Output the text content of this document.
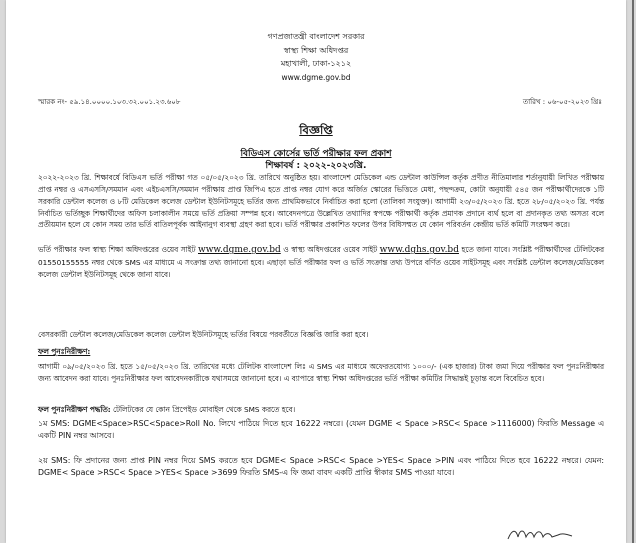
গণপ্রজাতন্ত্রী বাংলাদেশ সরকার
স্বাস্থ্য শিক্ষা অধিদপ্তর
মহাখালী, ঢাকা-১২১২
www.dgme.gov.bd
স্মারক নং- ৫৯.১৪.০০০০.১০৩.৩২.০০১.২৩.৬০৮	তারিখ : ০৬-০৫-২০২৩ খ্রিঃ
বিজ্ঞপ্তি
বিডিএস কোর্সের ভর্তি পরীক্ষার ফল প্রকাশ
শিক্ষাবর্ষ : ২০২২-২০২৩খ্রি.

২০২২-২০২৩ খ্রি. শিক্ষাবর্ষে বিডিএস ভর্তি পরীক্ষা গত ০৫/০৫/২০২৩ খ্রি. তারিখে অনুষ্ঠিত হয়। বাংলাদেশ মেডিকেল এন্ড ডেন্টাল কাউন্সিল কর্তৃক প্রণীত নীতিমালার শর্তানুযায়ী লিখিত পরীক্ষায় প্রাপ্ত নম্বর ও এসএসসি/সমমান এবং এইচএসসি/সমমান পরীক্ষায় প্রাপ্ত জিপিএ হতে প্রাপ্ত নম্বর যোগ করে অর্জিত স্কোরের ভিত্তিতে মেধা, পছন্দক্রম, কোটা অনুযায়ী ৫৪৫ জন পরীক্ষার্থীদেরকে ১টি সরকারি ডেন্টাল কলেজ ও ৮টি মেডিকেল কলেজ ডেন্টাল ইউনিটসমূহে ভর্তির জন্য প্রাথমিকভাবে নির্বাচিত করা হলো (তালিকা সংযুক্ত)। আগামী ২৩/০৫/২০২৩ খ্রি. হতে ২৮/০৫/২০২৩ খ্রি. পর্যন্ত নির্বাচিত ভর্তিচ্ছুক শিক্ষার্থীদের অফিস চলাকালীন সময়ে ভর্তি প্রক্রিয়া সম্পন্ন হবে। আবেদনপত্রে উল্লেখিত তথ্যাদির স্বপক্ষে পরীক্ষার্থী কর্তৃক প্রমাণক প্রদানে ব্যর্থ হলে বা প্রদানকৃত তথ্য অসত্য বলে প্রতীয়মান হলে যে কোন সময় তার ভর্তি বাতিলপূর্বক আইনানুগ ব্যবস্থা গ্রহণ করা হবে। ভর্তি পরীক্ষার প্রকাশিত ফলের উপর বিধিসম্মত যে কোন পরিবর্তন কেন্দ্রীয় ভর্তি কমিটি সংরক্ষণ করে।

ভর্তি পরীক্ষার ফল স্বাস্থ্য শিক্ষা অধিদপ্তরের ওয়েব সাইট www.dgme.gov.bd ও স্বাস্থ্য অধিদপ্তরের ওয়েব সাইট www.dghs.gov.bd হতে জানা যাবে। সংশ্লিষ্ট পরীক্ষার্থীদের টেলিটকের 01550155555 নম্বর থেকে SMS এর মাধ্যমে এ সংক্রান্ত তথ্য জানানো হবে। এছাড়া ভর্তি পরীক্ষার ফল ও ভর্তি সংক্রান্ত তথ্য উপরে বর্ণিত ওয়েব সাইটসমূহ এবং সংশ্লিষ্ট ডেন্টাল কলেজ/মেডিকেল কলেজ ডেন্টাল ইউনিটসমূহ থেকে জানা যাবে।

বেসরকারী ডেন্টাল কলেজ/মেডিকেল কলেজ ডেন্টাল ইউনিটসমূহে ভর্তির বিষয়ে পরবর্তীতে বিজ্ঞপ্তি জারি করা হবে।

ফল পুনঃনিরীক্ষণ:

আগামী ০৯/০৫/২০২৩ খ্রি. হতে ১৫/০৫/২০২৩ খ্রি. তারিখের মধ্যে টেলিটক বাংলাদেশ লিঃ এ SMS এর মাধ্যমে অফেরতযোগ্য ১০০০/- (এক হাজার) টাকা জমা দিয়ে পরীক্ষার ফল পুনঃনিরীক্ষার জন্য আবেদন করা যাবে। পুনঃনিরীক্ষার ফল আবেদনকারীকে যথাসময়ে জানানো হবে। এ ব্যাপারে স্বাস্থ্য শিক্ষা অধিদপ্তরের ভর্তি পরীক্ষা কমিটির সিদ্ধান্তই চূড়ান্ত বলে বিবেচিত হবে।

ফল পুনঃনিরীক্ষণ পদ্ধতি: টেলিটকের যে কোন প্রিপেইড মোবাইল থেকে SMS করতে হবে।

১ম SMS: DGME<Space>RSC<Space>Roll No. লিখে পাঠিয়ে দিতে হবে 16222 নম্বরে। (যেমন DGME < Space >RSC< Space >1116000) ফিরতি Message এ একটি PIN নম্বর আসবে।

২য় SMS: ফি প্রদানের জন্য প্রাপ্ত PIN নম্বর দিয়ে SMS করতে হবে DGME< Space >RSC< Space >YES< Space >PIN এবং পাঠিয়ে দিতে হবে 16222 নম্বরে। যেমন: DGME< Space >RSC< Space >YES< Space >3699 ফিরতি SMS-এ ফি জমা বাবদ একটি প্রাপ্তি স্বীকার SMS পাওয়া যাবে।
